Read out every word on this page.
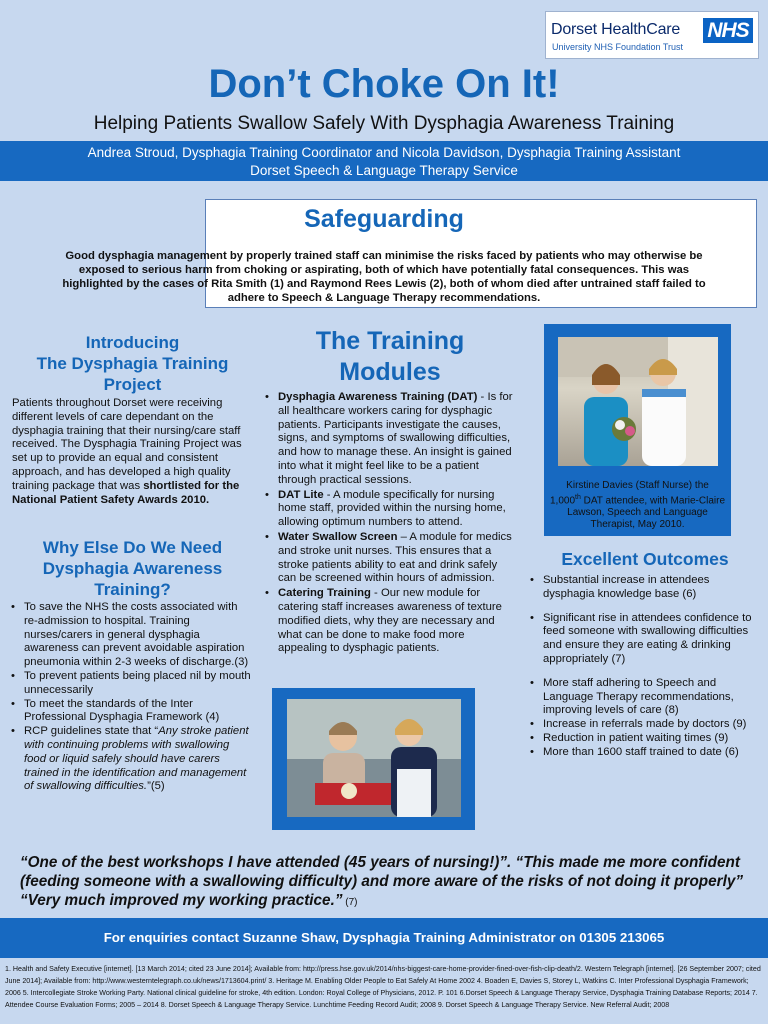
Dorset HealthCare
University NHS Foundation Trust
NHS
Don’t Choke On It!
Helping Patients Swallow Safely With Dysphagia Awareness Training
Andrea Stroud, Dysphagia Training Coordinator and Nicola Davidson, Dysphagia Training Assistant
Dorset Speech & Language Therapy Service
Safeguarding
Good dysphagia management by properly trained staff can minimise the risks faced by patients who may otherwise be exposed to serious harm from choking or aspirating, both of which have potentially fatal consequences. This was highlighted by the cases of Rita Smith (1) and Raymond Rees Lewis (2), both of whom died after untrained staff failed to adhere to Speech & Language Therapy recommendations.
Introducing
The Dysphagia Training Project
Patients throughout Dorset were receiving different levels of care dependant on the dysphagia training that their nursing/care staff received. The Dysphagia Training Project was set up to provide an equal and consistent approach, and has developed a high quality training package that was shortlisted for the National Patient Safety Awards 2010.
Why Else Do We Need Dysphagia Awareness Training?
• To save the NHS the costs associated with re-admission to hospital. Training nurses/carers in general dysphagia awareness can prevent avoidable aspiration pneumonia within 2-3 weeks of discharge.(3)
• To prevent patients being placed nil by mouth unnecessarily
• To meet the standards of the Inter Professional Dysphagia Framework (4)
• RCP guidelines state that “Any stroke patient with continuing problems with swallowing food or liquid safely should have carers trained in the identification and management of swallowing difficulties.”(5)
The Training Modules
• Dysphagia Awareness Training (DAT) - Is for all healthcare workers caring for dysphagic patients. Participants investigate the causes, signs, and symptoms of swallowing difficulties, and how to manage these. An insight is gained into what it might feel like to be a patient through practical sessions.
• DAT Lite - A module specifically for nursing home staff, provided within the nursing home, allowing optimum numbers to attend.
• Water Swallow Screen – A module for medics and stroke unit nurses. This ensures that a stroke patients ability to eat and drink safely can be screened within hours of admission.
• Catering Training - Our new module for catering staff increases awareness of texture modified diets, why they are necessary and what can be done to make food more appealing to dysphagic patients.
Kirstine Davies (Staff Nurse) the 1,000th DAT attendee, with Marie-Claire Lawson, Speech and Language Therapist, May 2010.
Excellent Outcomes
• Substantial increase in attendees dysphagia knowledge base (6)
• Significant rise in attendees confidence to feed someone with swallowing difficulties and ensure they are eating & drinking appropriately (7)
• More staff adhering to Speech and Language Therapy recommendations, improving levels of care (8)
• Increase in referrals made by doctors (9)
• Reduction in patient waiting times (9)
• More than 1600 staff trained to date (6)
“One of the best workshops I have attended (45 years of nursing!)”. “This made me more confident (feeding someone with a swallowing difficulty) and more aware of the risks of not doing it properly” “Very much improved my working practice.” (7)
For enquiries contact Suzanne Shaw, Dysphagia Training Administrator on 01305 213065
1. Health and Safety Executive [internet]. [13 March 2014; cited 23 June 2014]; Available from: http://press.hse.gov.uk/2014/nhs-biggest-care-home-provider-fined-over-fish-clip-death/2. Western Telegraph [internet]. [26 September 2007; cited June 2014]; Available from: http://www.westerntelegraph.co.uk/news/1713604.print/ 3. Heritage M. Enabling Older People to Eat Safely At Home 2002 4. Boaden E, Davies S, Storey L, Watkins C. Inter Professional Dysphagia Framework; 2006 5. Intercollegiate Stroke Working Party. National clinical guideline for stroke, 4th edition. London: Royal College of Physicians, 2012. P. 101 6.Dorset Speech & Language Therapy Service, Dysphagia Training Database Reports; 2014 7. Attendee Course Evaluation Forms; 2005 – 2014 8. Dorset Speech & Language Therapy Service. Lunchtime Feeding Record Audit; 2008 9. Dorset Speech & Language Therapy Service. New Referral Audit; 2008
